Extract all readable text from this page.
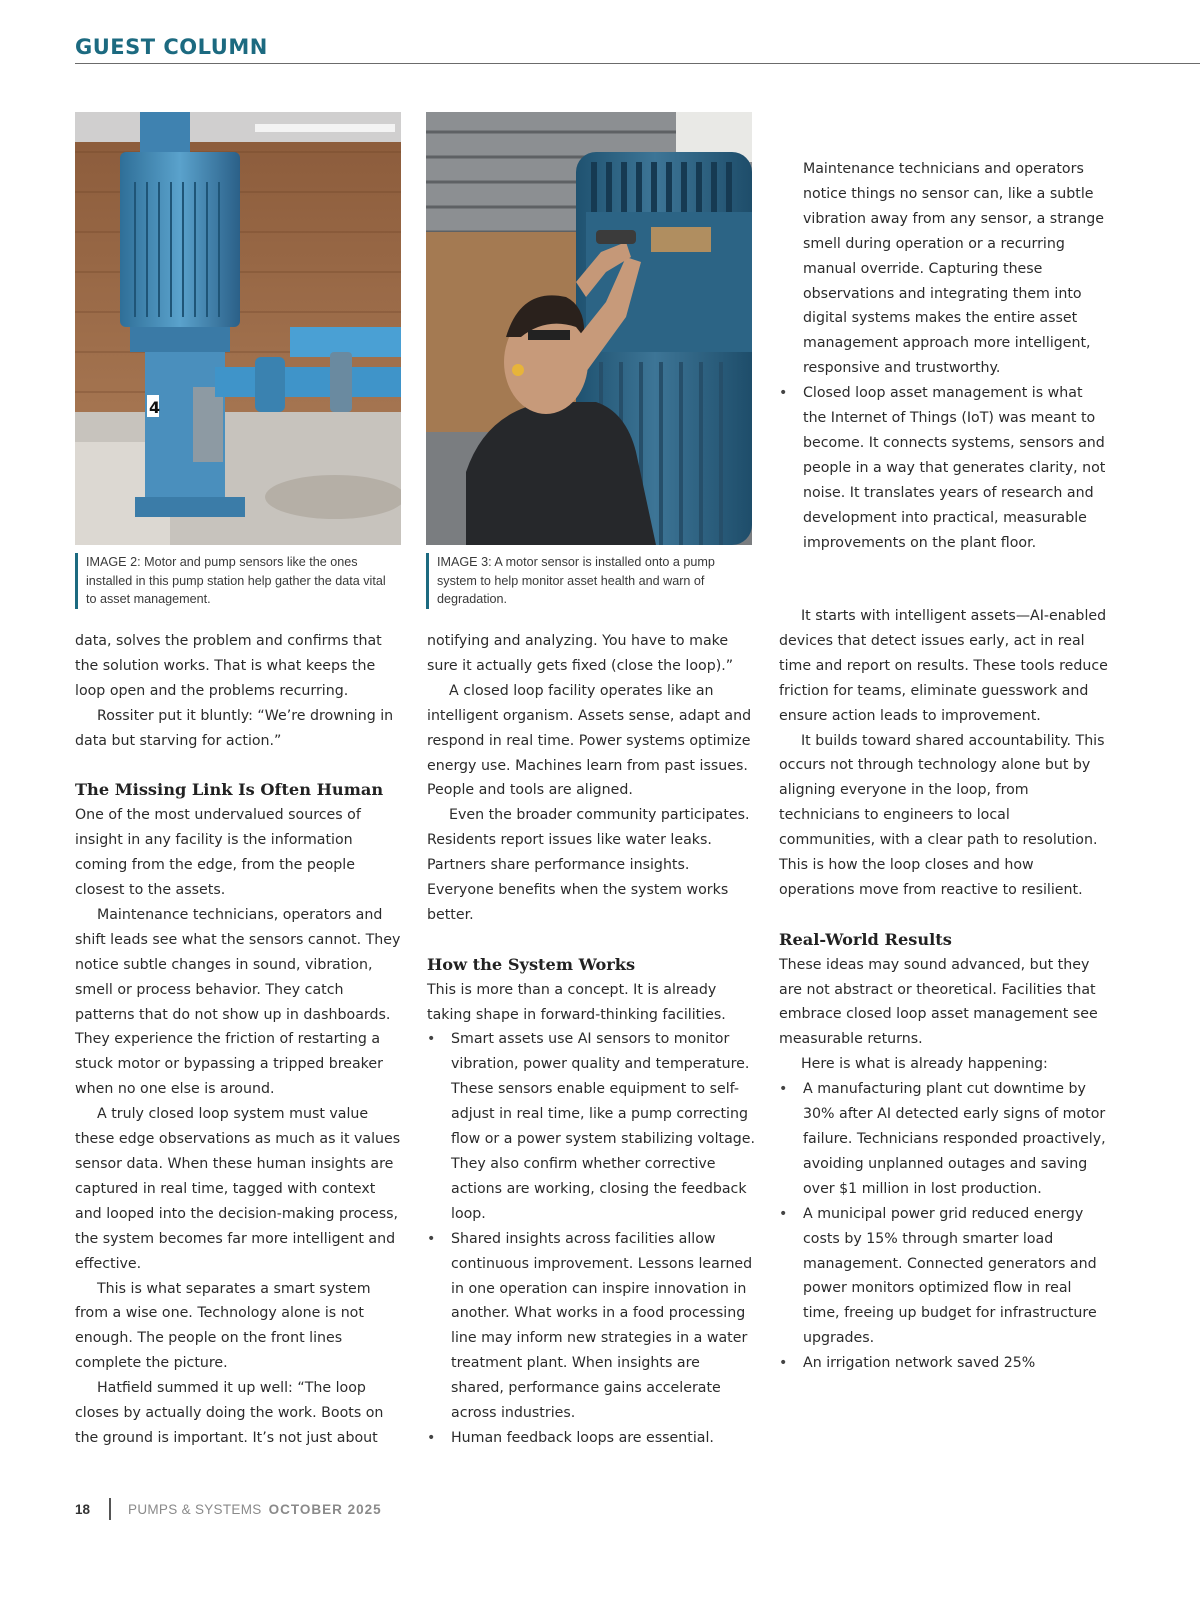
GUEST COLUMN
4
IMAGE 2: Motor and pump sensors like the ones installed in this pump station help gather the data vital to asset management.
IMAGE 3: A motor sensor is installed onto a pump system to help monitor asset health and warn of degradation.

data, solves the problem and confirms that the solution works. That is what keeps the loop open and the problems recurring.

Rossiter put it bluntly: “We’re drowning in data but starving for action.”

The Missing Link Is Often Human

One of the most undervalued sources of insight in any facility is the information coming from the edge, from the people closest to the assets.

Maintenance technicians, operators and shift leads see what the sensors cannot. They notice subtle changes in sound, vibration, smell or process behavior. They catch patterns that do not show up in dashboards. They experience the friction of restarting a stuck motor or bypassing a tripped breaker when no one else is around.

A truly closed loop system must value these edge observations as much as it values sensor data. When these human insights are captured in real time, tagged with context and looped into the decision-making process, the system becomes far more intelligent and effective.

This is what separates a smart system from a wise one. Technology alone is not enough. The people on the front lines complete the picture.

Hatfield summed it up well: “The loop closes by actually doing the work. Boots on the ground is important. It’s not just about

notifying and analyzing. You have to make sure it actually gets fixed (close the loop).”

A closed loop facility operates like an intelligent organism. Assets sense, adapt and respond in real time. Power systems optimize energy use. Machines learn from past issues. People and tools are aligned.

Even the broader community participates. Residents report issues like water leaks. Partners share performance insights. Everyone benefits when the system works better.

How the System Works

This is more than a concept. It is already taking shape in forward-thinking facilities.

• Smart assets use AI sensors to monitor vibration, power quality and temperature. These sensors enable equipment to self-adjust in real time, like a pump correcting flow or a power system stabilizing voltage. They also confirm whether corrective actions are working, closing the feedback loop.
• Shared insights across facilities allow continuous improvement. Lessons learned in one operation can inspire innovation in another. What works in a food processing line may inform new strategies in a water treatment plant. When insights are shared, performance gains accelerate across industries.
• Human feedback loops are essential.

Maintenance technicians and operators notice things no sensor can, like a subtle vibration away from any sensor, a strange smell during operation or a recurring manual override. Capturing these observations and integrating them into digital systems makes the entire asset management approach more intelligent, responsive and trustworthy.

• Closed loop asset management is what the Internet of Things (IoT) was meant to become. It connects systems, sensors and people in a way that generates clarity, not noise. It translates years of research and development into practical, measurable improvements on the plant floor.

It starts with intelligent assets—AI-enabled devices that detect issues early, act in real time and report on results. These tools reduce friction for teams, eliminate guesswork and ensure action leads to improvement.

It builds toward shared accountability. This occurs not through technology alone but by aligning everyone in the loop, from technicians to engineers to local communities, with a clear path to resolution. This is how the loop closes and how operations move from reactive to resilient.

Real-World Results

These ideas may sound advanced, but they are not abstract or theoretical. Facilities that embrace closed loop asset management see measurable returns.

Here is what is already happening:

• A manufacturing plant cut downtime by 30% after AI detected early signs of motor failure. Technicians responded proactively, avoiding unplanned outages and saving over $1 million in lost production.
• A municipal power grid reduced energy costs by 15% through smarter load management. Connected generators and power monitors optimized flow in real time, freeing up budget for infrastructure upgrades.
• An irrigation network saved 25%
18	PUMPS & SYSTEMS OCTOBER 2025
